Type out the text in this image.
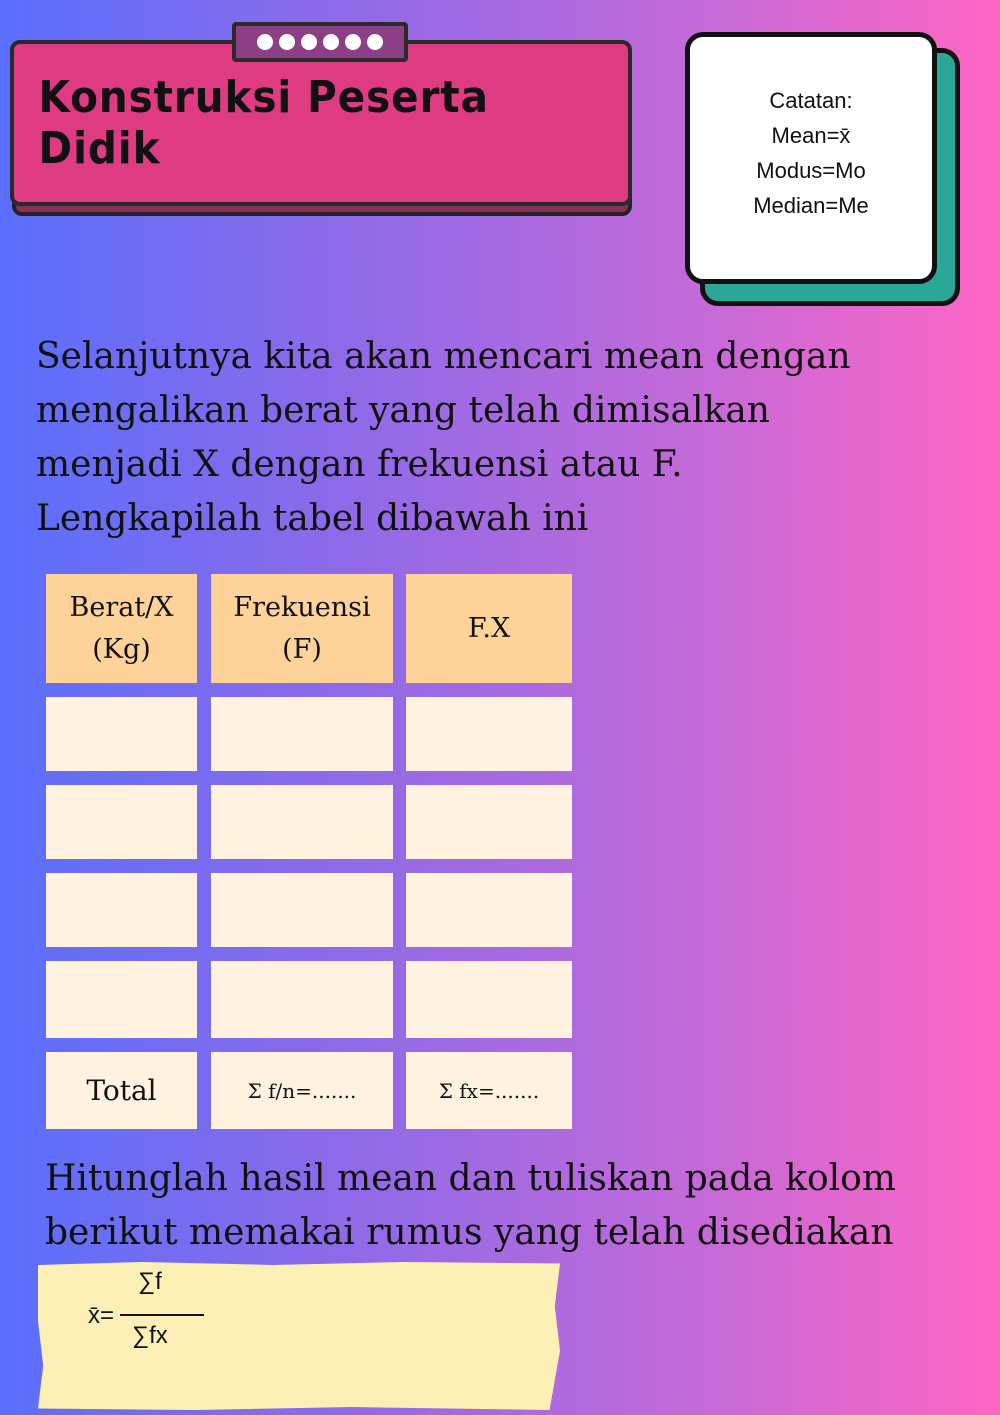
Konstruksi Peserta Didik
Catatan:
Mean=x̄
Modus=Mo
Median=Me
Selanjutnya kita akan mencari mean dengan
mengalikan berat yang telah dimisalkan
menjadi X dengan frekuensi atau F.
Lengkapilah tabel dibawah ini
Berat/X
(Kg)
Frekuensi
(F)
F.X
Total	Σ f/n=.......	Σ fx=.......
Hitunglah hasil mean dan tuliskan pada kolom
berikut memakai rumus yang telah disediakan
x̄=
∑f
∑fx
